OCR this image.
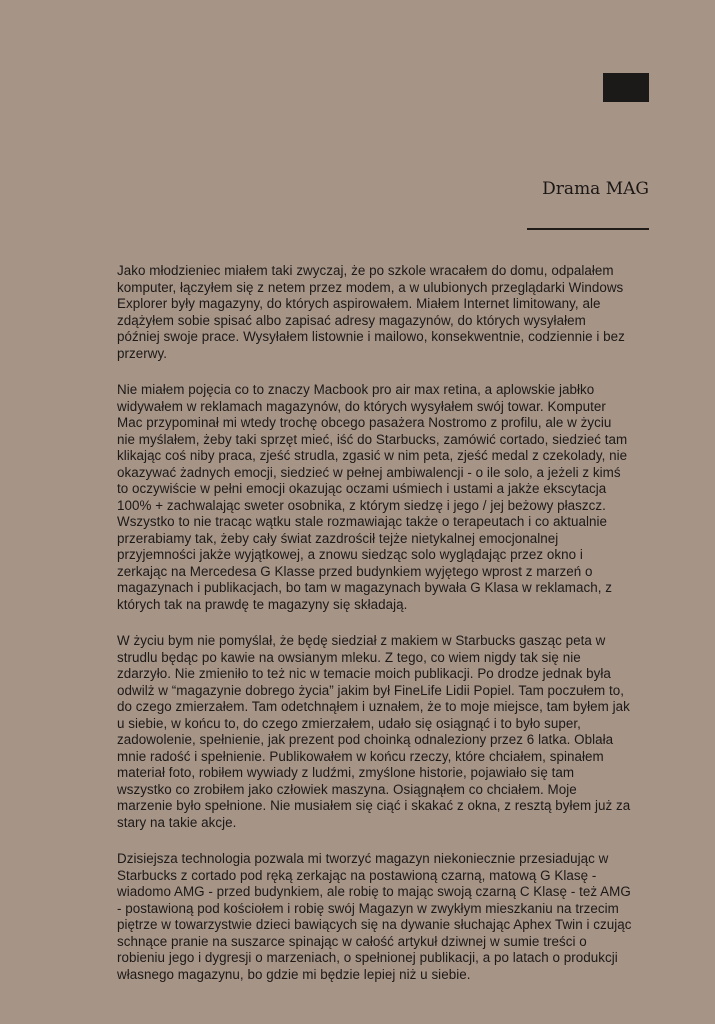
Drama MAG

Jako młodzieniec miałem taki zwyczaj, że po szkole wracałem do domu, odpalałem komputer, łączyłem się z netem przez modem, a w ulubionych przeglądarki Windows Explorer były magazyny, do których aspirowałem. Miałem Internet limitowany, ale zdążyłem sobie spisać albo zapisać adresy magazynów, do których wysyłałem później swoje prace. Wysyłałem listownie i mailowo, konsekwentnie, codziennie i bez przerwy.

Nie miałem pojęcia co to znaczy Macbook pro air max retina, a aplowskie jabłko widywałem w reklamach magazynów, do których wysyłałem swój towar. Komputer Mac przypominał mi wtedy trochę obcego pasażera Nostromo z profilu, ale w życiu nie myślałem, żeby taki sprzęt mieć, iść do Starbucks, zamówić cortado, siedzieć tam klikając coś niby praca, zjeść strudla, zgasić w nim peta, zjeść medal z czekolady, nie okazywać żadnych emocji, siedzieć w pełnej ambiwalencji - o ile solo, a jeżeli z kimś to oczywiście w pełni emocji okazując oczami uśmiech i ustami a jakże ekscytacja 100% + zachwalając sweter osobnika, z którym siedzę i jego / jej beżowy płaszcz. Wszystko to nie tracąc wątku stale rozmawiając także o terapeutach i co aktualnie przerabiamy tak, żeby cały świat zazdrościł tejże nietykalnej emocjonalnej przyjemności jakże wyjątkowej, a znowu siedząc solo wyglądając przez okno i zerkając na Mercedesa G Klasse przed budynkiem wyjętego wprost z marzeń o magazynach i publikacjach, bo tam w magazynach bywała G Klasa w reklamach, z których tak na prawdę te magazyny się składają.

W życiu bym nie pomyślał, że będę siedział z makiem w Starbucks gasząc peta w strudlu będąc po kawie na owsianym mleku. Z tego, co wiem nigdy tak się nie zdarzyło. Nie zmieniło to też nic w temacie moich publikacji. Po drodze jednak była odwilż w “magazynie dobrego życia” jakim był FineLife Lidii Popiel. Tam poczułem to, do czego zmierzałem. Tam odetchnąłem i uznałem, że to moje miejsce, tam byłem jak u siebie, w końcu to, do czego zmierzałem, udało się osiągnąć i to było super, zadowolenie, spełnienie, jak prezent pod choinką odnaleziony przez 6 latka. Oblała mnie radość i spełnienie. Publikowałem w końcu rzeczy, które chciałem, spinałem materiał foto, robiłem wywiady z ludźmi, zmyślone historie, pojawiało się tam wszystko co zrobiłem jako człowiek maszyna. Osiągnąłem co chciałem. Moje marzenie było spełnione. Nie musiałem się ciąć i skakać z okna, z resztą byłem już za stary na takie akcje.

Dzisiejsza technologia pozwala mi tworzyć magazyn niekoniecznie przesiadując w Starbucks z cortado pod ręką zerkając na postawioną czarną, matową G Klasę - wiadomo AMG - przed budynkiem, ale robię to mając swoją czarną C Klasę - też AMG - postawioną pod kościołem i robię swój Magazyn w zwykłym mieszkaniu na trzecim piętrze w towarzystwie dzieci bawiących się na dywanie słuchając Aphex Twin i czując schnące pranie na suszarce spinając w całość artykuł dziwnej w sumie treści o robieniu jego i dygresji o marzeniach, o spełnionej publikacji, a po latach o produkcji własnego magazynu, bo gdzie mi będzie lepiej niż u siebie.
